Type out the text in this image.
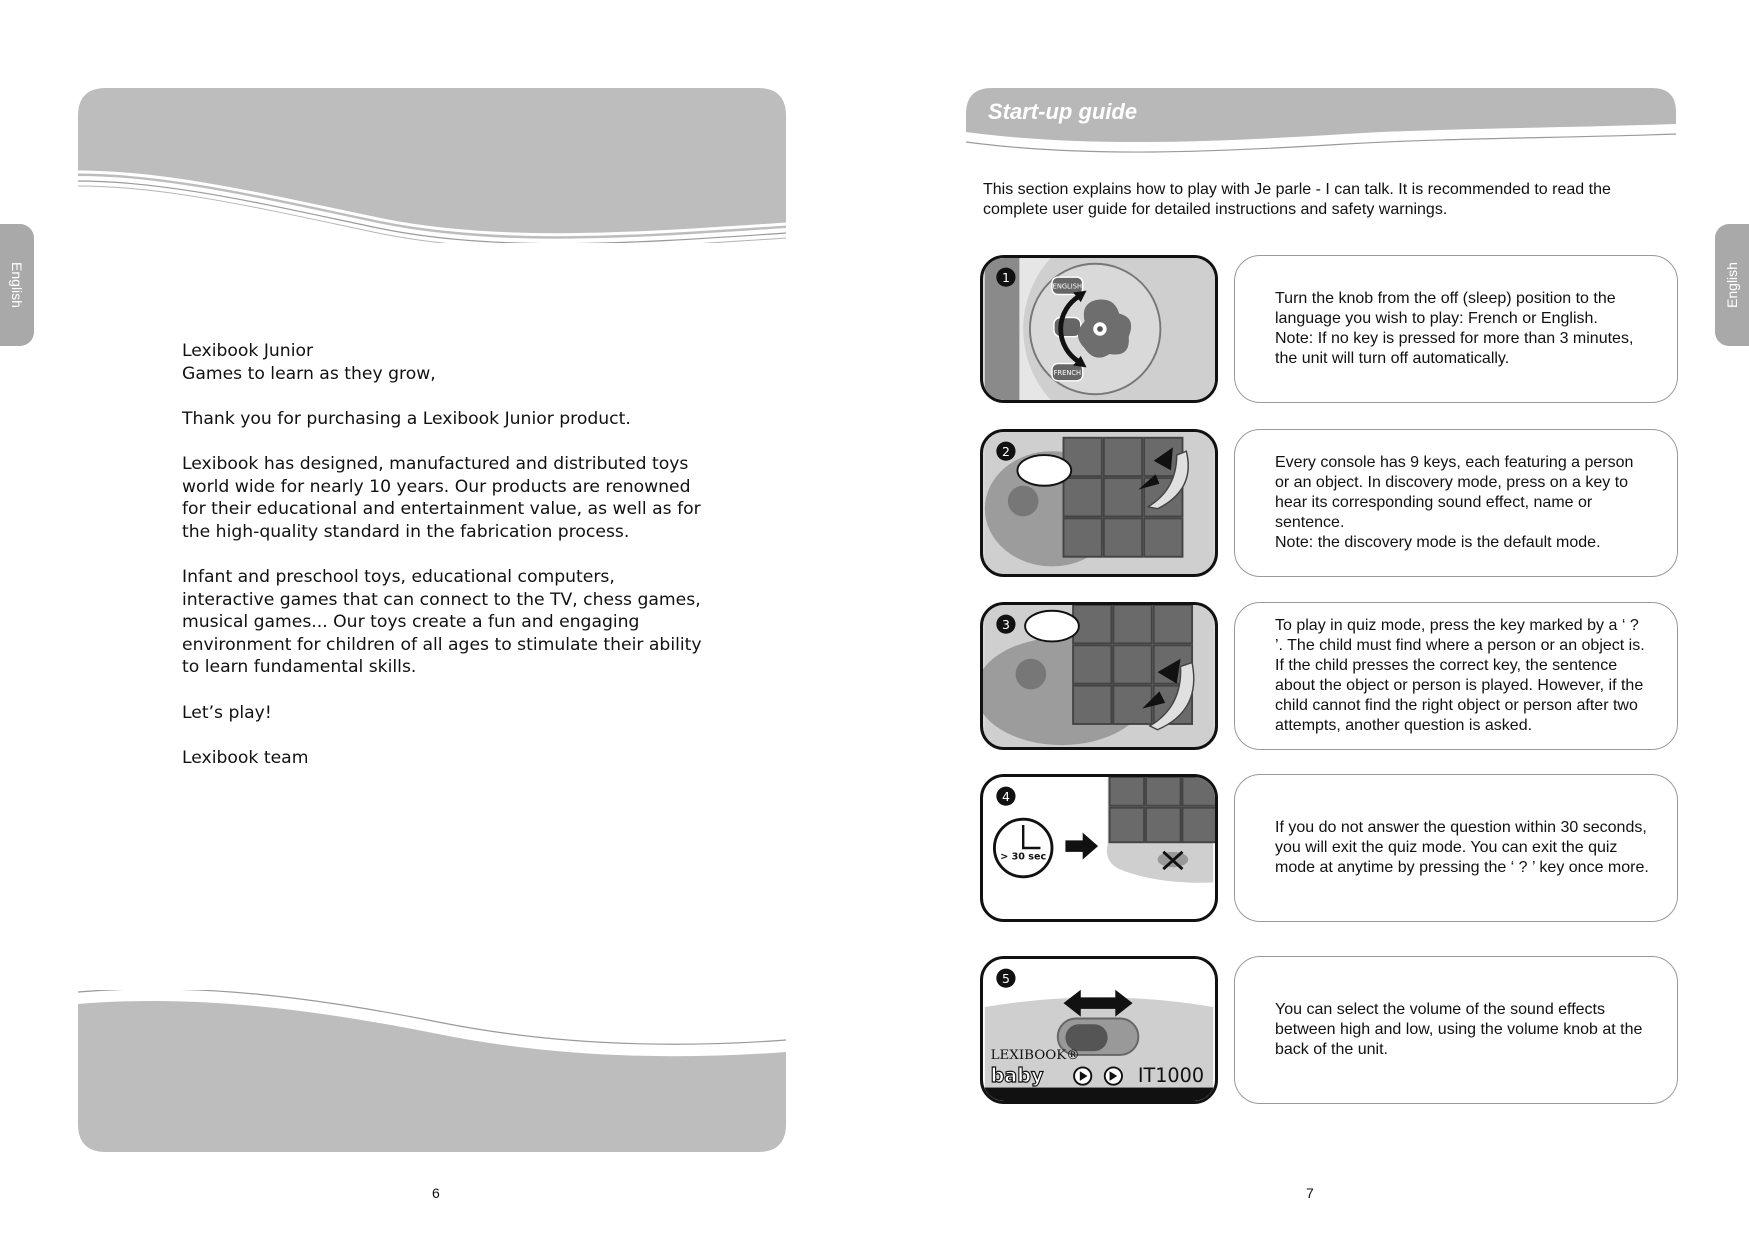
English

Lexibook Junior
Games to learn as they grow,

Thank you for purchasing a Lexibook Junior product.

Lexibook has designed, manufactured and distributed toys world wide for nearly 10 years. Our products are renowned for their educational and entertainment value, as well as for the high-quality standard in the fabrication process.

Infant and preschool toys, educational computers, interactive games that can connect to the TV, chess games, musical games... Our toys create a fun and engaging environment for children of all ages to stimulate their ability to learn fundamental skills.

Let’s play!

Lexibook team

6
Start-up guide
English
This section explains how to play with Je parle - I can talk. It is recommended to read the complete user guide for detailed instructions and safety warnings.
ENGLISH
FRENCH
1
Turn the knob from the off (sleep) position to the language you wish to play: French or English.
Note: If no key is pressed for more than 3 minutes, the unit will turn off automatically.
2
Every console has 9 keys, each featuring a person or an object. In discovery mode, press on a key to hear its corresponding sound effect, name or sentence.
Note: the discovery mode is the default mode.
3	To play in quiz mode, press the key marked by a ‘ ? ’. The child must find where a person or an object is. If the child presses the correct key, the sentence about the object or person is played. However, if the child cannot find the right object or person after two attempts, another question is asked.
> 30 sec
4
If you do not answer the question within 30 seconds, you will exit the quiz mode. You can exit the quiz mode at anytime by pressing the ‘ ? ’ key once more.
LEXIBOOK®
baby	IT1000
5
You can select the volume of the sound effects between high and low, using the volume knob at the back of the unit.
7
